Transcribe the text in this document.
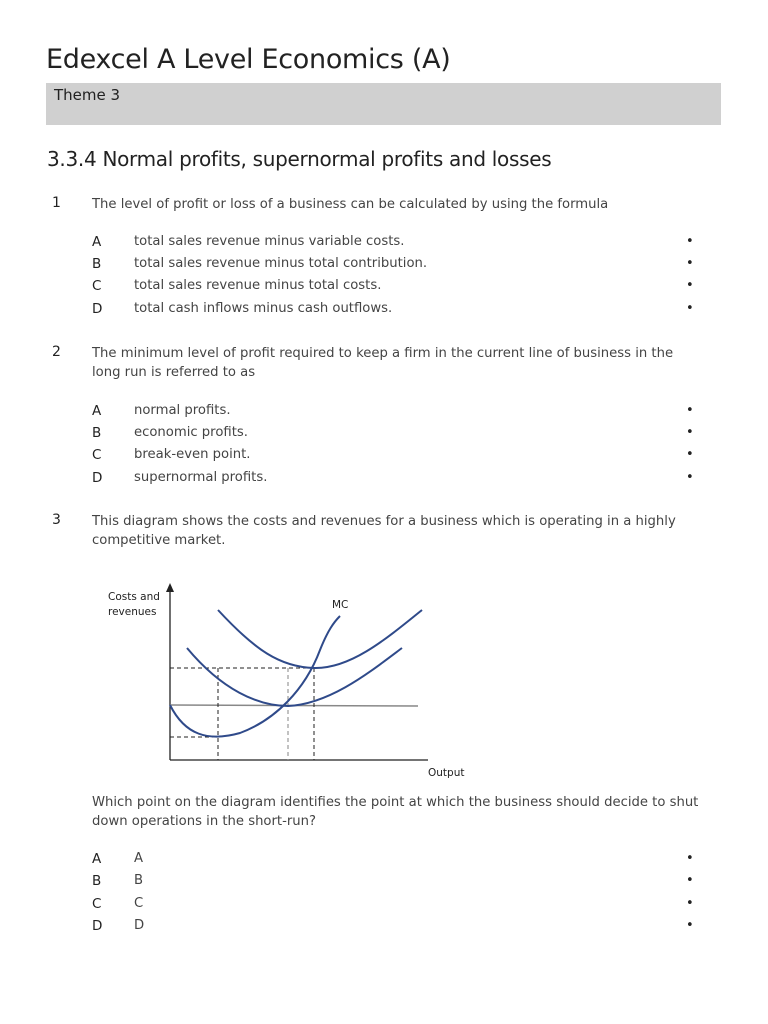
Edexcel A Level Economics (A)
Theme 3
3.3.4 Normal profits, supernormal profits and losses
1 The level of profit or loss of a business can be calculated by using the formula
A total sales revenue minus variable costs.	•
B total sales revenue minus total contribution.	•
C total sales revenue minus total costs.	•
D total cash inflows minus cash outflows.	•
2 The minimum level of profit required to keep a firm in the current line of business in the long run is referred to as
A normal profits.	•
B economic profits.	•
C break-even point.	•
D supernormal profits.	•
3 This diagram shows the costs and revenues for a business which is operating in a highly competitive market.
Costs and
revenues
Output
MC
Which point on the diagram identifies the point at which the business should decide to shut down operations in the short-run?
A A	•
B B	•
C C	•
D D	•
